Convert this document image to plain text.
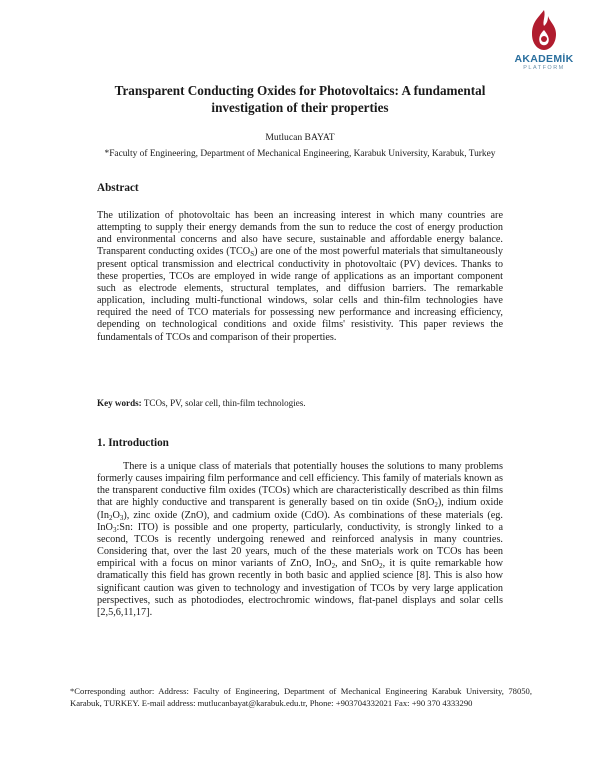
AKADEMİK
PLATFORM
Transparent Conducting Oxides for Photovoltaics: A fundamental investigation of their properties
Mutlucan BAYAT
*Faculty of Engineering, Department of Mechanical Engineering, Karabuk University, Karabuk, Turkey
Abstract

The utilization of photovoltaic has been an increasing interest in which many countries are attempting to supply their energy demands from the sun to reduce the cost of energy production and environmental concerns and also have secure, sustainable and affordable energy balance. Transparent conducting oxides $(TCO_S)$ are one of the most powerful materials that simultaneously present optical transmission and electrical conductivity in photovoltaic (PV) devices. Thanks to these properties, TCOs are employed in wide range of applications as an important component such as electrode elements, structural templates, and diffusion barriers. The remarkable application, including multi-functional windows, solar cells and thin-film technologies have required the need of TCO materials for possessing new performance and increasing efficiency, depending on technological conditions and oxide films' resistivity. This paper reviews the fundamentals of TCOs and comparison of their properties.

Key words: TCOs, PV, solar cell, thin-film technologies.

1. Introduction

There is a unique class of materials that potentially houses the solutions to many problems formerly causes impairing film performance and cell efficiency. This family of materials known as the transparent conductive film oxides (TCOs) which are characteristically described as thin films that are highly conductive and transparent is generally based on tin oxide (SnO$_2$), indium oxide $(In_2O_3)$, zinc oxide (ZnO), and cadmium oxide (CdO). As combinations of these materials (eg. InO$_3$:Sn: ITO) is possible and one property, particularly, conductivity, is strongly linked to a second, TCOs is recently undergoing renewed and reinforced analysis in many countries. Considering that, over the last 20 years, much of the these materials work on TCOs has been empirical with a focus on minor variants of ZnO, InO$_2$, and SnO$_2$, it is quite remarkable how dramatically this field has grown recently in both basic and applied science [8]. This is also how significant caution was given to technology and investigation of TCOs by very large application perspectives, such as photodiodes, electrochromic windows, flat-panel displays and solar cells [2,5,6,11,17].

*Corresponding author: Address: Faculty of Engineering, Department of Mechanical Engineering Karabuk University, 78050, Karabuk, TURKEY. E-mail address: mutlucanbayat@karabuk.edu.tr, Phone: +903704332021 Fax: +90 370 4333290
